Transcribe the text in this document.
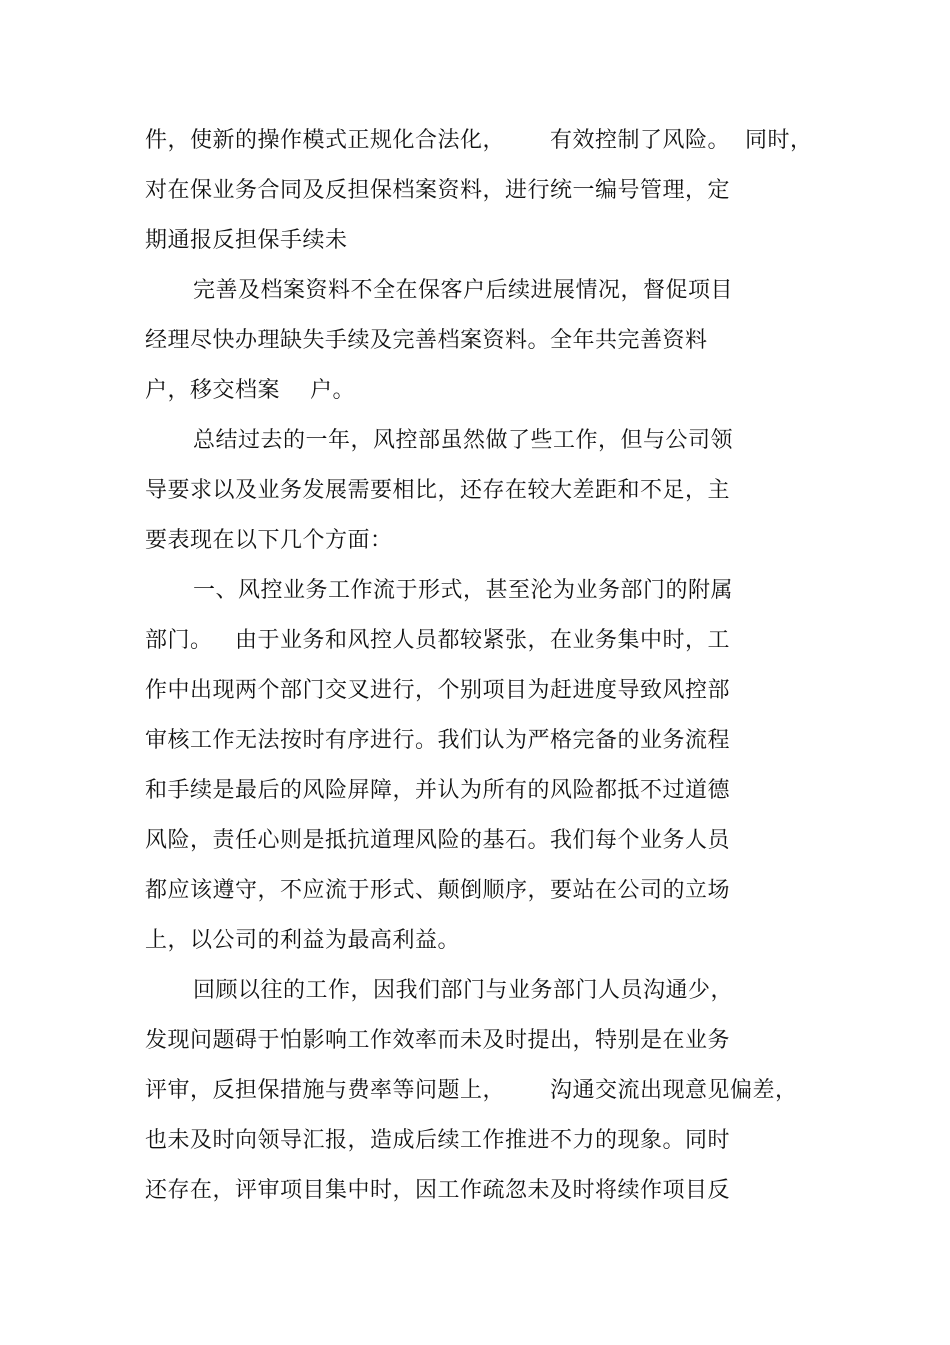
件，使新的操作模式正规化合法化，      有效控制了风险。  同时，
对在保业务合同及反担保档案资料，进行统一编号管理，定
期通报反担保手续未
完善及档案资料不全在保客户后续进展情况，督促项目
经理尽快办理缺失手续及完善档案资料。全年共完善资料
户，移交档案    户。
总结过去的一年，风控部虽然做了些工作，但与公司领
导要求以及业务发展需要相比，还存在较大差距和不足，主
要表现在以下几个方面：
一、风控业务工作流于形式，甚至沦为业务部门的附属
部门。   由于业务和风控人员都较紧张，在业务集中时，工
作中出现两个部门交叉进行，个别项目为赶进度导致风控部
审核工作无法按时有序进行。我们认为严格完备的业务流程
和手续是最后的风险屏障，并认为所有的风险都抵不过道德
风险，责任心则是抵抗道理风险的基石。我们每个业务人员
都应该遵守，不应流于形式、颠倒顺序，要站在公司的立场
上，以公司的利益为最高利益。
回顾以往的工作，因我们部门与业务部门人员沟通少，
发现问题碍于怕影响工作效率而未及时提出，特别是在业务
评审，反担保措施与费率等问题上，      沟通交流出现意见偏差，
也未及时向领导汇报，造成后续工作推进不力的现象。同时
还存在，评审项目集中时，因工作疏忽未及时将续作项目反
